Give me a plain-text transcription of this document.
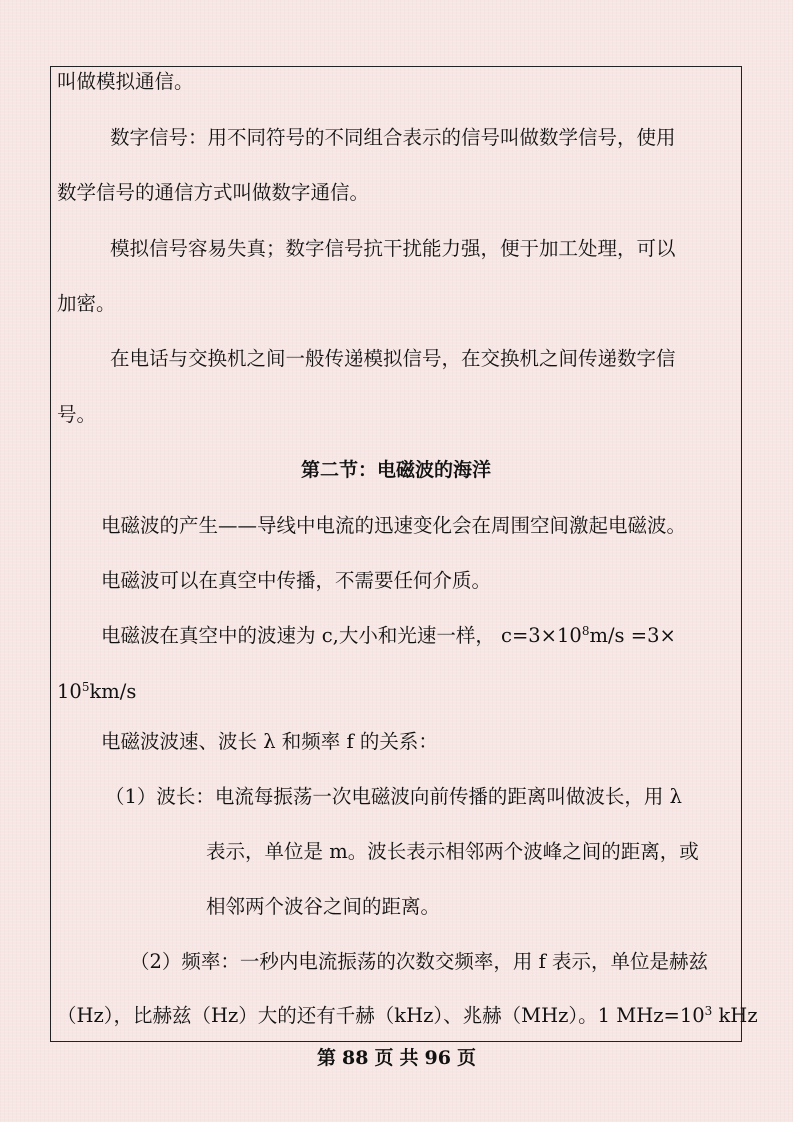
叫做模拟通信。
数字信号：用不同符号的不同组合表示的信号叫做数学信号，使用
数学信号的通信方式叫做数字通信。
模拟信号容易失真；数字信号抗干扰能力强，便于加工处理，可以
加密。
在电话与交换机之间一般传递模拟信号，在交换机之间传递数字信
号。
第二节：电磁波的海洋
电磁波的产生——导线中电流的迅速变化会在周围空间激起电磁波。
电磁波可以在真空中传播，不需要任何介质。
电磁波在真空中的波速为 c,大小和光速一样， $c=3\times 10^8m/s =3\times$
$10^5km/s$
电磁波波速、波长 λ 和频率 f 的关系：
（1）波长：电流每振荡一次电磁波向前传播的距离叫做波长，用 λ
表示，单位是 m。波长表示相邻两个波峰之间的距离，或
相邻两个波谷之间的距离。
（2）频率：一秒内电流振荡的次数交频率，用 f 表示，单位是赫兹
（Hz），比赫兹（Hz）大的还有千赫（kHz）、兆赫（MHz）。1 $MHz=10^3$ kHz
第 88 页 共 96 页
